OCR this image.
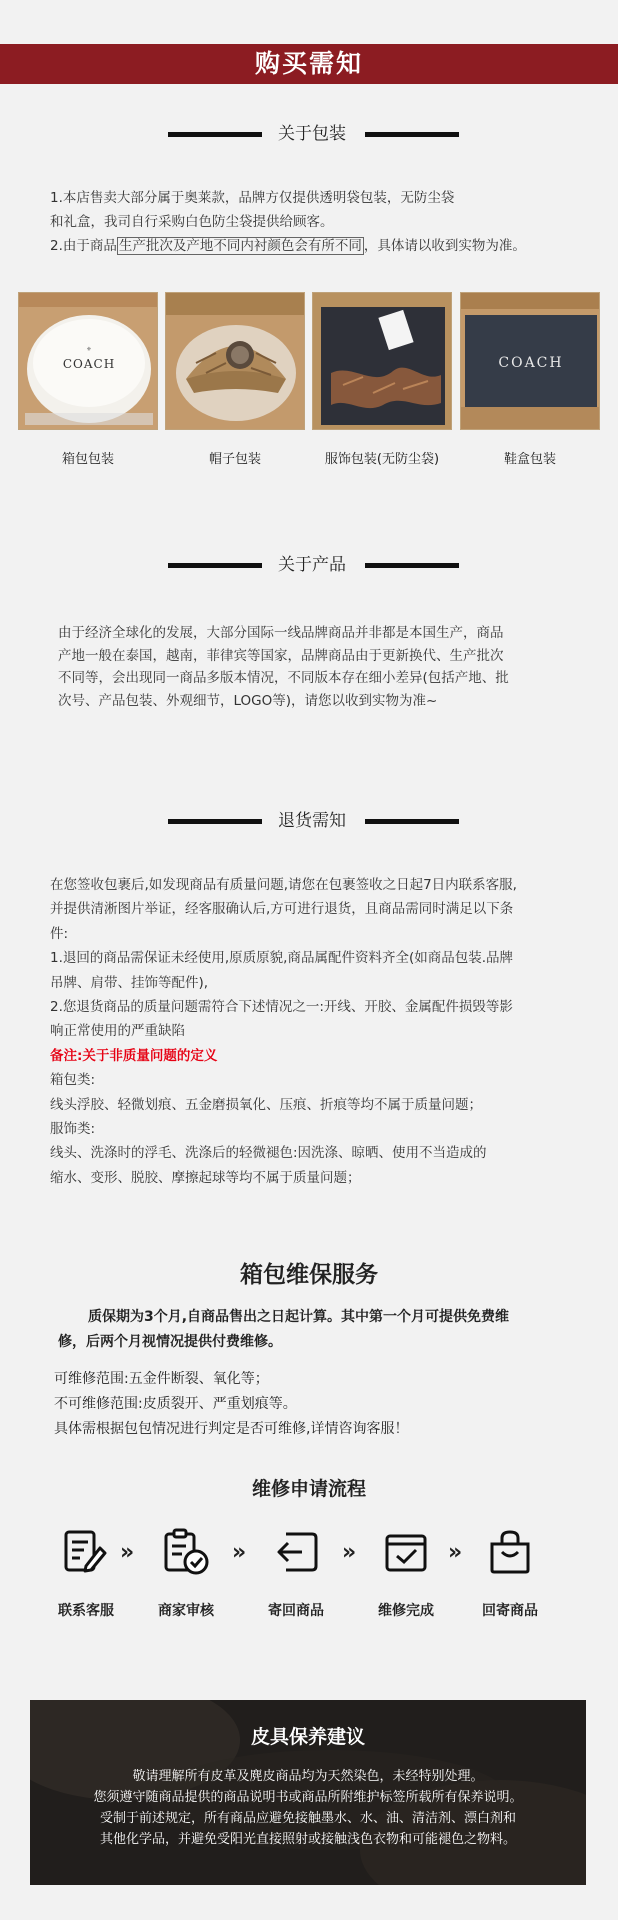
购买需知
关于包装
1.本店售卖大部分属于奥莱款，品牌方仅提供透明袋包装，无防尘袋
和礼盒，我司自行采购白色防尘袋提供给顾客。
2.由于商品 生产批次及产地不同内衬颜色会有所不同 ，具体请以收到实物为准。
⚜
COACH	COACH
箱包包装	帽子包装	服饰包装(无防尘袋)	鞋盒包装
关于产品
由于经济全球化的发展，大部分国际一线品牌商品并非都是本国生产，商品
产地一般在泰国，越南，菲律宾等国家，品牌商品由于更新换代、生产批次
不同等，会出现同一商品多版本情况，不同版本存在细小差异(包括产地、批
次号、产品包装、外观细节，LOGO等)，请您以收到实物为准~
退货需知
在您签收包裹后,如发现商品有质量问题,请您在包裹签收之日起7日内联系客服,
并提供清淅图片举证，经客服确认后,方可进行退货，且商品需同时满足以下条
件:
1.退回的商品需保证未经使用,原质原貌,商品属配件资料齐全(如商品包装.品牌
吊牌、肩带、挂饰等配件),
2.您退货商品的质量问题需符合下述情况之一:开线、开胶、金属配件损毁等影
响正常使用的严重缺陷
备注:关于非质量问题的定义
箱包类:
线头浮胶、轻微划痕、五金磨损氧化、压痕、折痕等均不属于质量问题；
服饰类:
线头、洗涤时的浮毛、洗涤后的轻微褪色:因洗涤、晾晒、使用不当造成的
缩水、变形、脱胶、摩擦起球等均不属于质量问题；
箱包维保服务
质保期为3个月,自商品售出之日起计算。其中第一个月可提供免费维
修，后两个月视情况提供付费维修。
可维修范围:五金件断裂、氧化等；
不可维修范围:皮质裂开、严重划痕等。
具体需根据包包情况进行判定是否可维修,详情咨询客服！
维修申请流程
»	»	»	»
联系客服	商家审核	寄回商品	维修完成	回寄商品
皮具保养建议
敬请理解所有皮革及麂皮商品均为天然染色，未经特别处理。
您须遵守随商品提供的商品说明书或商品所附维护标签所载所有保养说明。
受制于前述规定，所有商品应避免接触墨水、水、油、清洁剂、漂白剂和
其他化学品，并避免受阳光直接照射或接触浅色衣物和可能褪色之物料。
